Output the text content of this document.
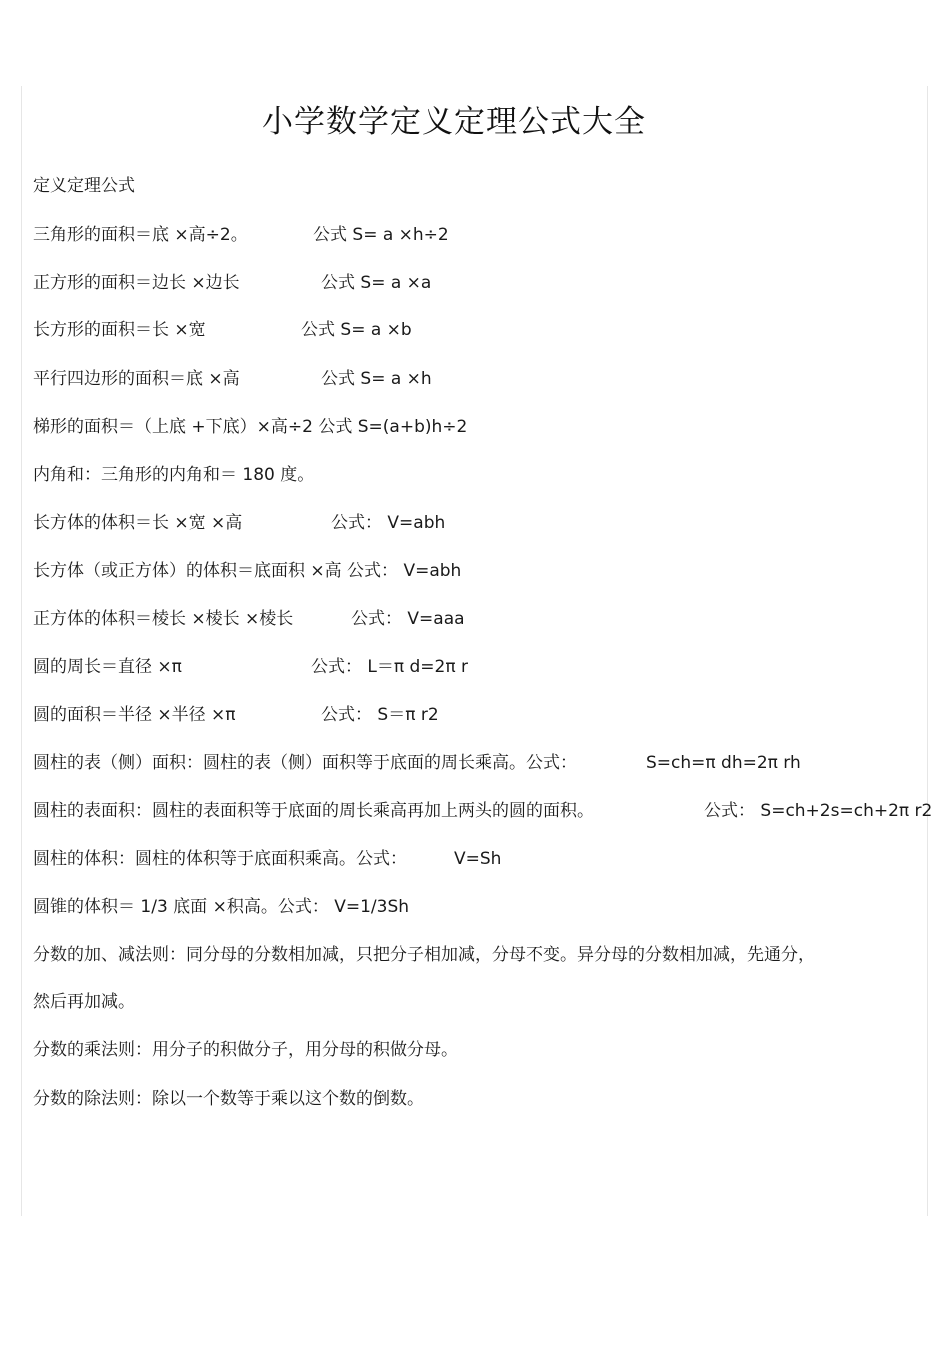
小学数学定义定理公式大全
定义定理公式
三角形的面积＝底 ×高÷2。	公式 S= a ×h÷2
正方形的面积＝边长 ×边长	公式 S= a ×a
长方形的面积＝长 ×宽	公式 S= a ×b
平行四边形的面积＝底 ×高	公式 S= a ×h
梯形的面积＝（上底 +下底）×高÷2 公式 S=(a+b)h÷2
内角和：三角形的内角和＝ 180 度。
长方体的体积＝长 ×宽 ×高	公式： V=abh
长方体（或正方体）的体积＝底面积 ×高 公式： V=abh
正方体的体积＝棱长 ×棱长 ×棱长	公式： V=aaa
圆的周长＝直径 ×π	公式： L＝π d=2π r
圆的面积＝半径 ×半径 ×π	公式： S＝π r2
圆柱的表（侧）面积：圆柱的表（侧）面积等于底面的周长乘高。公式：	S=ch=π dh=2π rh
圆柱的表面积：圆柱的表面积等于底面的周长乘高再加上两头的圆的面积。	公式： S=ch+2s=ch+2π r2
圆柱的体积：圆柱的体积等于底面积乘高。公式：	V=Sh
圆锥的体积＝ 1/3 底面 ×积高。公式： V=1/3Sh
分数的加、减法则：同分母的分数相加减，只把分子相加减，分母不变。异分母的分数相加减，先通分，
然后再加减。
分数的乘法则：用分子的积做分子，用分母的积做分母。
分数的除法则：除以一个数等于乘以这个数的倒数。
